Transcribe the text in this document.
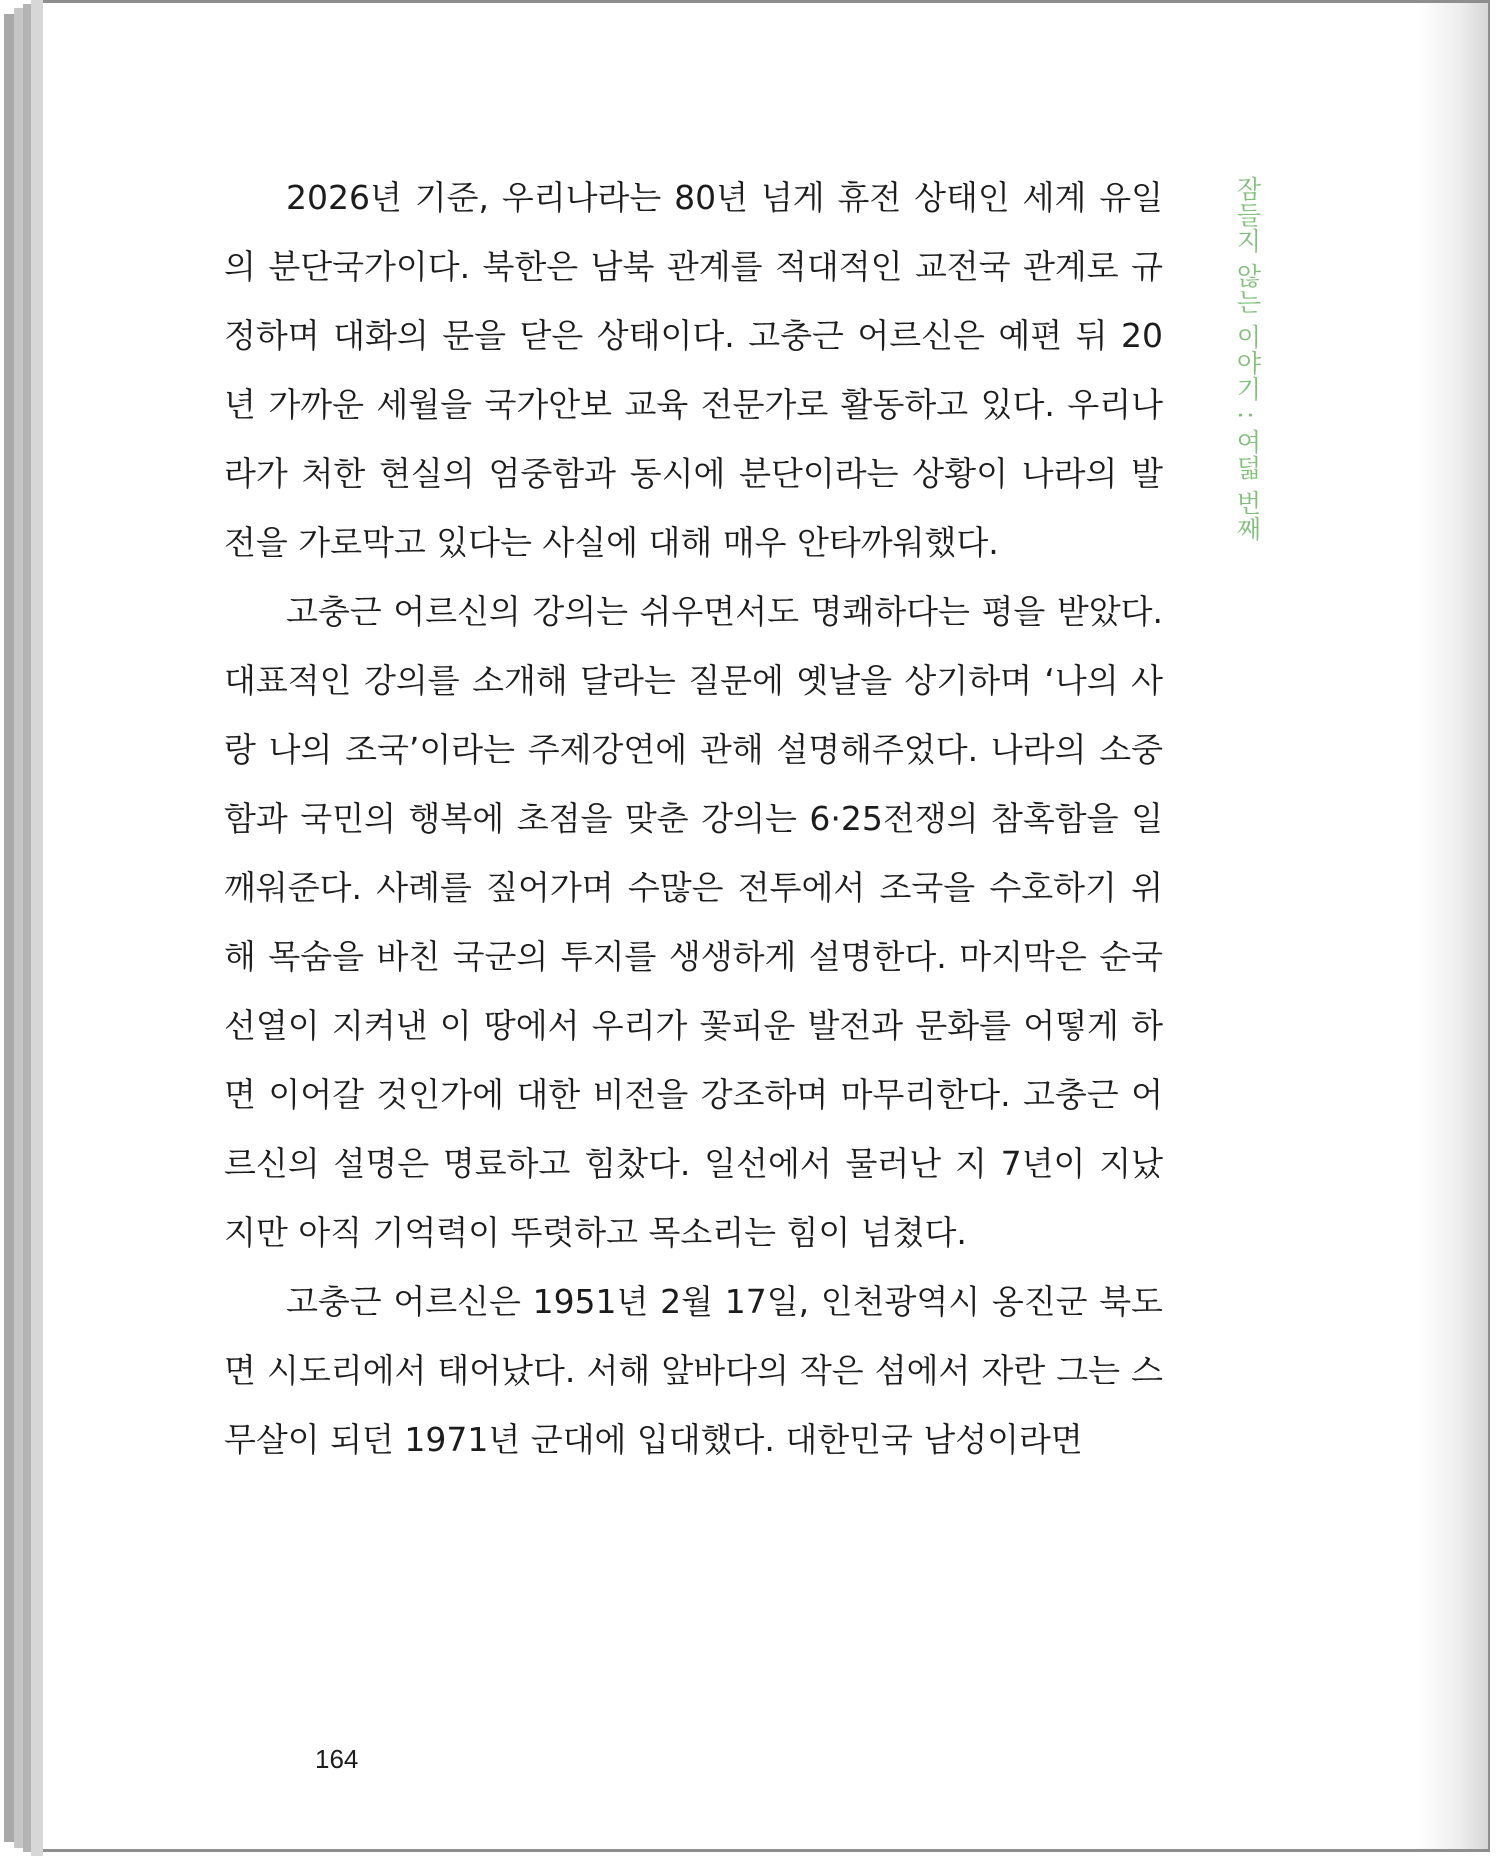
2026년 기준, 우리나라는 80년 넘게 휴전 상태인 세계 유일의 분단국가이다. 북한은 남북 관계를 적대적인 교전국 관계로 규정하며 대화의 문을 닫은 상태이다. 고충근 어르신은 예편 뒤 20년 가까운 세월을 국가안보 교육 전문가로 활동하고 있다. 우리나라가 처한 현실의 엄중함과 동시에 분단이라는 상황이 나라의 발전을 가로막고 있다는 사실에 대해 매우 안타까워했다.

고충근 어르신의 강의는 쉬우면서도 명쾌하다는 평을 받았다. 대표적인 강의를 소개해 달라는 질문에 옛날을 상기하며 ‘나의 사랑 나의 조국’이라는 주제강연에 관해 설명해주었다. 나라의 소중함과 국민의 행복에 초점을 맞춘 강의는 6·25전쟁의 참혹함을 일깨워준다. 사례를 짚어가며 수많은 전투에서 조국을 수호하기 위해 목숨을 바친 국군의 투지를 생생하게 설명한다. 마지막은 순국선열이 지켜낸 이 땅에서 우리가 꽃피운 발전과 문화를 어떻게 하면 이어갈 것인가에 대한 비전을 강조하며 마무리한다. 고충근 어르신의 설명은 명료하고 힘찼다. 일선에서 물러난 지 7년이 지났지만 아직 기억력이 뚜렷하고 목소리는 힘이 넘쳤다.

고충근 어르신은 1951년 2월 17일, 인천광역시 옹진군 북도면 시도리에서 태어났다. 서해 앞바다의 작은 섬에서 자란 그는 스무살이 되던 1971년 군대에 입대했다. 대한민국 남성이라면

잠들지 않는 이야기 : 여덟 번째
164
